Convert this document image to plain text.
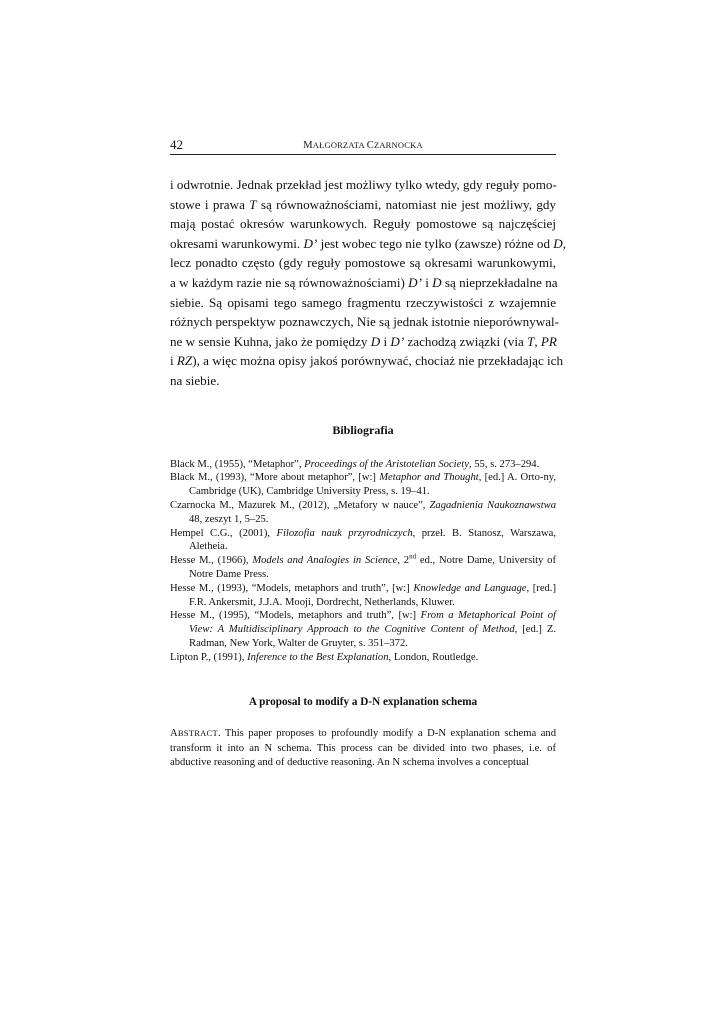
42	MAŁGORZATA CZARNOCKA
i odwrotnie. Jednak przekład jest możliwy tylko wtedy, gdy reguły pomo-
stowe i prawa T są równoważnościami, natomiast nie jest możliwy, gdy
mają postać okresów warunkowych. Reguły pomostowe są najczęściej
okresami warunkowymi. D’ jest wobec tego nie tylko (zawsze) różne od D,
lecz ponadto często (gdy reguły pomostowe są okresami warunkowymi,
a w każdym razie nie są równoważnościami) D’ i D są nieprzekładalne na
siebie. Są opisami tego samego fragmentu rzeczywistości z wzajemnie
różnych perspektyw poznawczych, Nie są jednak istotnie nieporównywal-
ne w sensie Kuhna, jako że pomiędzy D i D’ zachodzą związki (via T, PR
i RZ), a więc można opisy jakoś porównywać, chociaż nie przekładając ich
na siebie.
Bibliografia

Black M., (1955), “Metaphor”, Proceedings of the Aristotelian Society, 55, s. 273–294.

Black M., (1993), “More about metaphor”, [w:] Metaphor and Thought, [ed.] A. Orto-ny, Cambridge (UK), Cambridge University Press, s. 19–41.

Czarnocka M., Mazurek M., (2012), „Metafory w nauce”, Zagadnienia Naukoznawstwa 48, zeszyt 1, 5–25.

Hempel C.G., (2001), Filozofia nauk przyrodniczych, przeł. B. Stanosz, Warszawa, Aletheia.

Hesse M., (1966), Models and Analogies in Science, 2nd ed., Notre Dame, University of Notre Dame Press.

Hesse M., (1993), “Models, metaphors and truth”, [w:] Knowledge and Language, [red.] F.R. Ankersmit, J.J.A. Mooji, Dordrecht, Netherlands, Kluwer.

Hesse M., (1995), “Models, metaphors and truth”, [w:] From a Metaphorical Point of View: A Multidisciplinary Approach to the Cognitive Content of Method, [ed.] Z. Radman, New York, Walter de Gruyter, s. 351–372.

Lipton P., (1991), Inference to the Best Explanation, London, Routledge.

A proposal to modify a D-N explanation schema
ABSTRACT. This paper proposes to profoundly modify a D-N explanation schema and transform it into an N schema. This process can be divided into two phases, i.e. of abductive reasoning and of deductive reasoning. An N schema involves a conceptual
